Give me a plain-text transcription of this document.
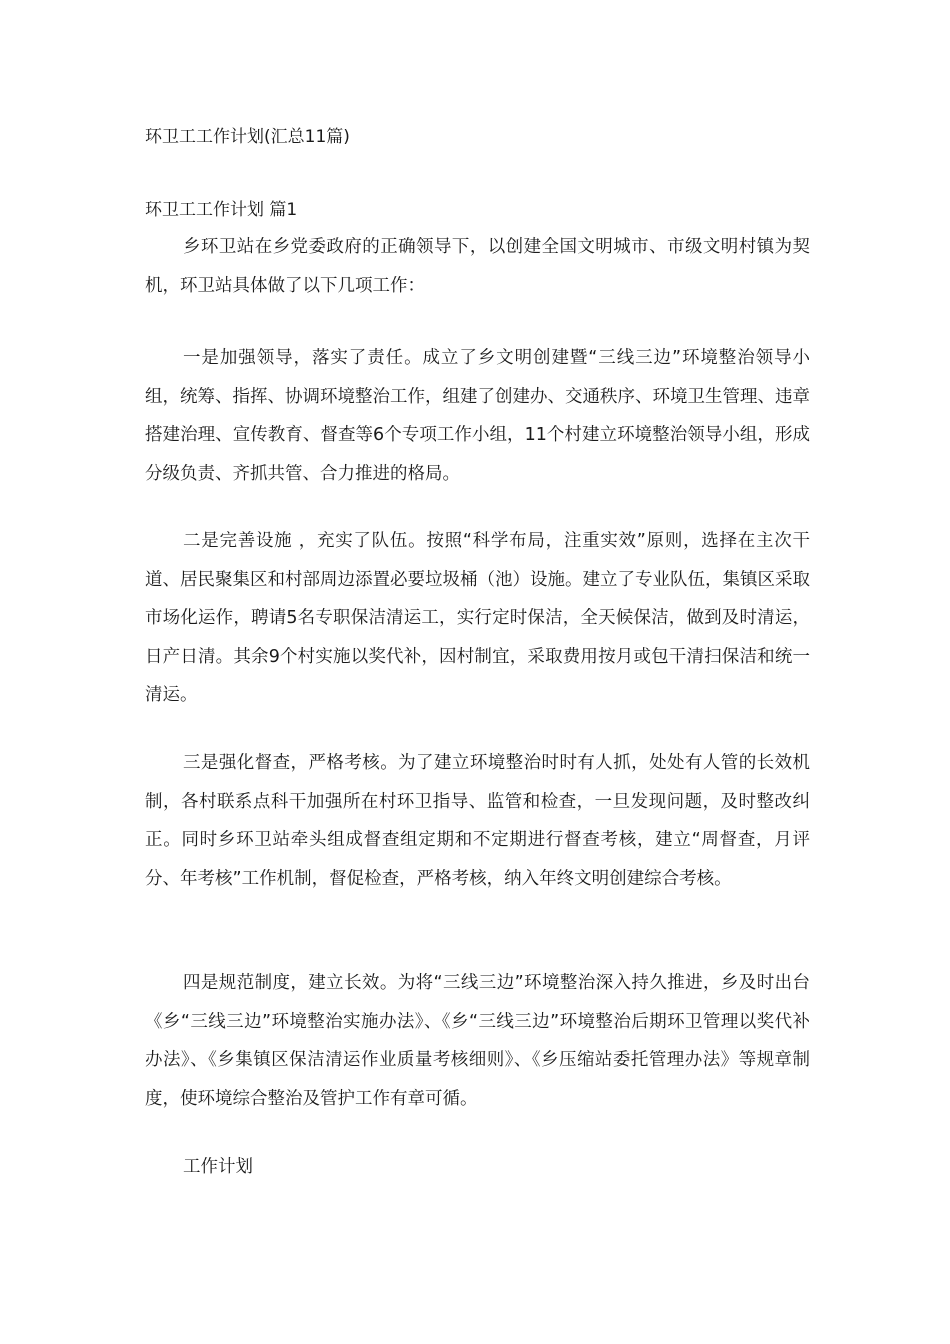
环卫工工作计划(汇总11篇)
环卫工工作计划 篇1

乡环卫站在乡党委政府的正确领导下，以创建全国文明城市、市级文明村镇为契机，环卫站具体做了以下几项工作：

一是加强领导，落实了责任。成立了乡文明创建暨“三线三边”环境整治领导小组，统筹、指挥、协调环境整治工作，组建了创建办、交通秩序、环境卫生管理、违章搭建治理、宣传教育、督查等6个专项工作小组，11个村建立环境整治领导小组，形成分级负责、齐抓共管、合力推进的格局。

二是完善设施 ，充实了队伍。按照“科学布局，注重实效”原则，选择在主次干道、居民聚集区和村部周边添置必要垃圾桶（池）设施。建立了专业队伍，集镇区采取市场化运作，聘请5名专职保洁清运工，实行定时保洁，全天候保洁，做到及时清运，日产日清。其余9个村实施以奖代补，因村制宜，采取费用按月或包干清扫保洁和统一清运。

三是强化督查，严格考核。为了建立环境整治时时有人抓，处处有人管的长效机制，各村联系点科干加强所在村环卫指导、监管和检查，一旦发现问题，及时整改纠正。同时乡环卫站牵头组成督查组定期和不定期进行督查考核，建立“周督查，月评分、年考核”工作机制，督促检查，严格考核，纳入年终文明创建综合考核。

四是规范制度，建立长效。为将“三线三边”环境整治深入持久推进，乡及时出台《乡“三线三边”环境整治实施办法》、《乡“三线三边”环境整治后期环卫管理以奖代补办法》、《乡集镇区保洁清运作业质量考核细则》、《乡压缩站委托管理办法》等规章制度，使环境综合整治及管护工作有章可循。

工作计划
